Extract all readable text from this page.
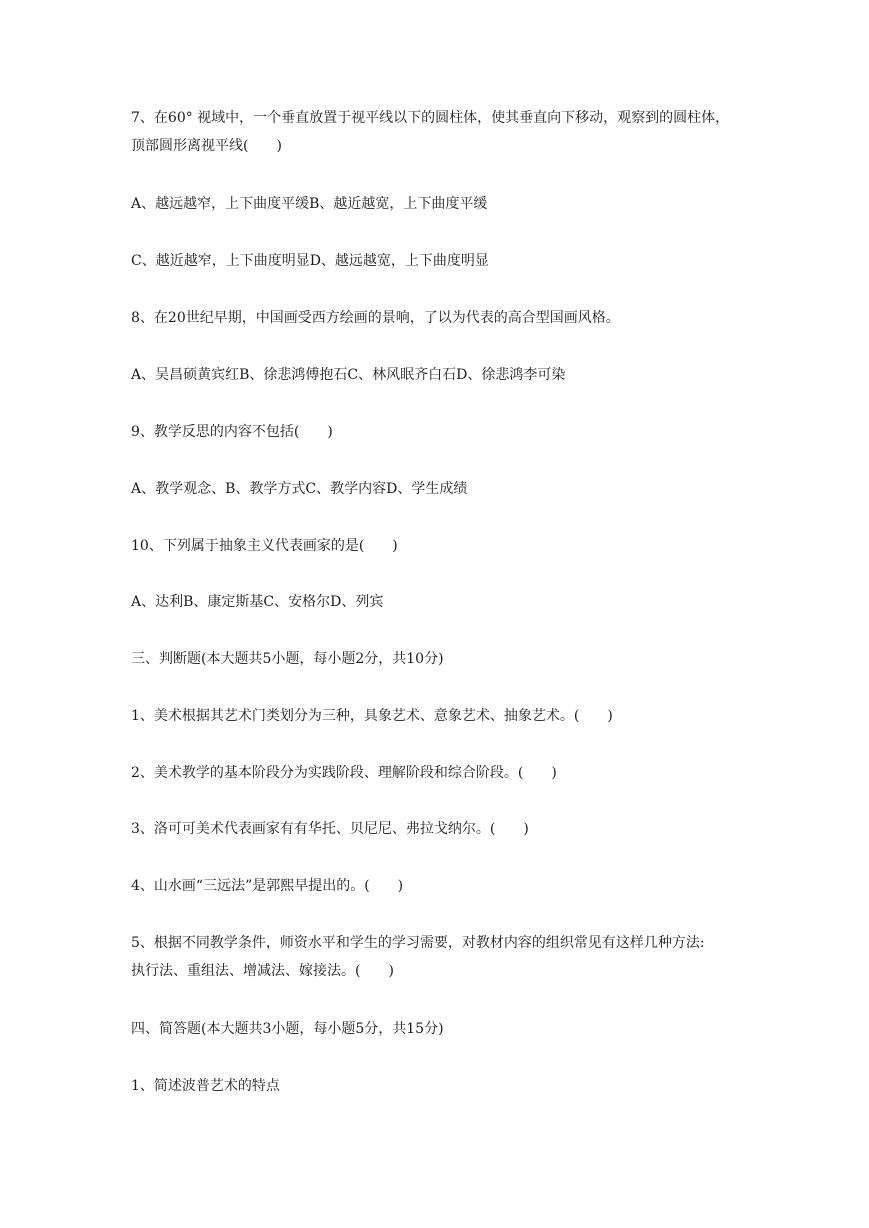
7、在60° 视域中，一个垂直放置于视平线以下的圆柱体，使其垂直向下移动，观察到的圆柱体，
顶部圆形离视平线(　　)

A、越远越窄，上下曲度平缓B、越近越宽，上下曲度平缓

C、越近越窄，上下曲度明显D、越远越宽，上下曲度明显

8、在20世纪早期，中国画受西方绘画的景响，了以为代表的高合型国画风格。

A、吴昌硕黄宾红B、徐悲鸿傅抱石C、林风眠齐白石D、徐悲鸿李可染

9、教学反思的内容不包括(　　)

A、教学观念、B、教学方式C、教学内容D、学生成绩

10、下列属于抽象主义代表画家的是(　　)

A、达利B、康定斯基C、安格尔D、列宾

三、判断题(本大题共5小题，每小题2分，共10分)

1、美术根据其艺术门类划分为三种，具象艺术、意象艺术、抽象艺术。(　　)

2、美术教学的基本阶段分为实践阶段、理解阶段和综合阶段。(　　)

3、洛可可美术代表画家有有华托、贝尼尼、弗拉戈纳尔。(　　)

4、山水画“三远法”是郭熙早提出的。(　　)

5、根据不同教学条件，师资水平和学生的学习需要，对教材内容的组织常见有这样几种方法:
执行法、重组法、增减法、嫁接法。(　　)

四、简答题(本大题共3小题，每小题5分，共15分)

1、简述波普艺术的特点
